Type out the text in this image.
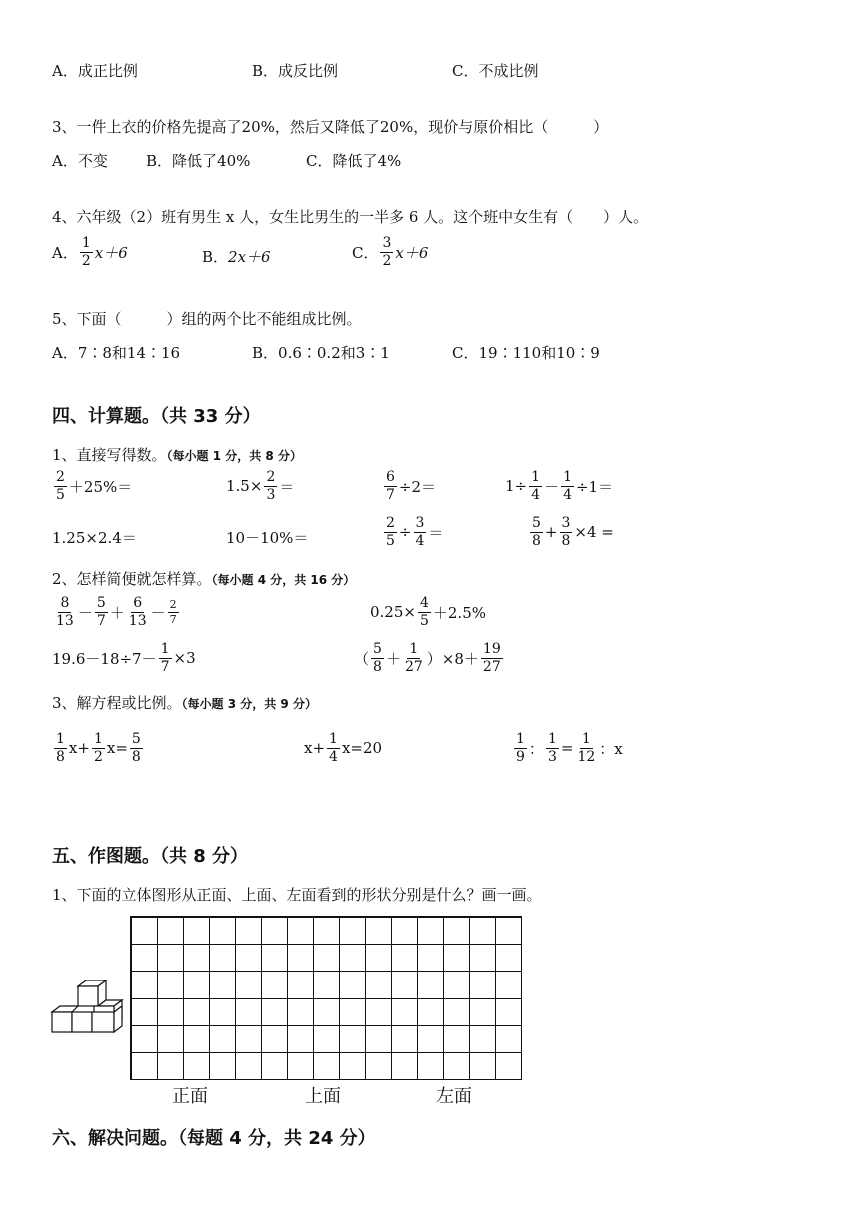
A．成正比例	B．成反比例	C．不成比例
3、一件上衣的价格先提高了20%，然后又降低了20%，现价与原价相比（　　　）
A．不变	B．降低了40%	C．降低了4%
4、六年级（2）班有男生 x 人，女生比男生的一半多 6 人。这个班中女生有（　　）人。
A． $\frac{1}{2} x+6$	B． 2x＋6	C． $\frac{3}{2} x+6$
5、下面（　　　）组的两个比不能组成比例。
A．7∶8和14∶16	B．0.6∶0.2和3∶1	C．19∶110和10∶9
四、计算题。（共 33 分）
1、直接写得数。（每小题 1 分，共 8 分）
$\frac{2}{5} +25\%=$	$1.5\times \frac{2}{3}$ ＝	$\frac{6}{7} \div 2=$	$1\div \frac{1}{4} - \frac{1}{4} \div 1=$
1.25×2.4＝	10－10%＝	$\frac{2}{5} \div \frac{3}{4}$ ＝	$\frac{5}{8} + \frac{3}{8} \times 4$ =
2、怎样简便就怎样算。（每小题 4 分，共 16 分）
$\frac{8}{13} - \frac{5}{7} + \frac{6}{13} - \frac{2}{7}$	$0.25\times \frac{4}{5} +2.5\%$
$19.6-18\div 7- \frac{1}{7} \times 3$	（ $\frac{5}{8} + \frac{1}{27} )\times 8+ \frac{19}{27}$
3、解方程或比例。（每小题 3 分，共 9 分）
$\frac{1}{8} x+ \frac{1}{2} x= \frac{5}{8}$	$x+ \frac{1}{4} x=20$	$\frac{1}{9}$ ： $\frac{1}{3} = \frac{1}{12}$ ：x
五、作图题。（共 8 分）
1、下面的立体图形从正面、上面、左面看到的形状分别是什么？画一画。
正面	上面	左面
六、解决问题。（每题 4 分，共 24 分）
